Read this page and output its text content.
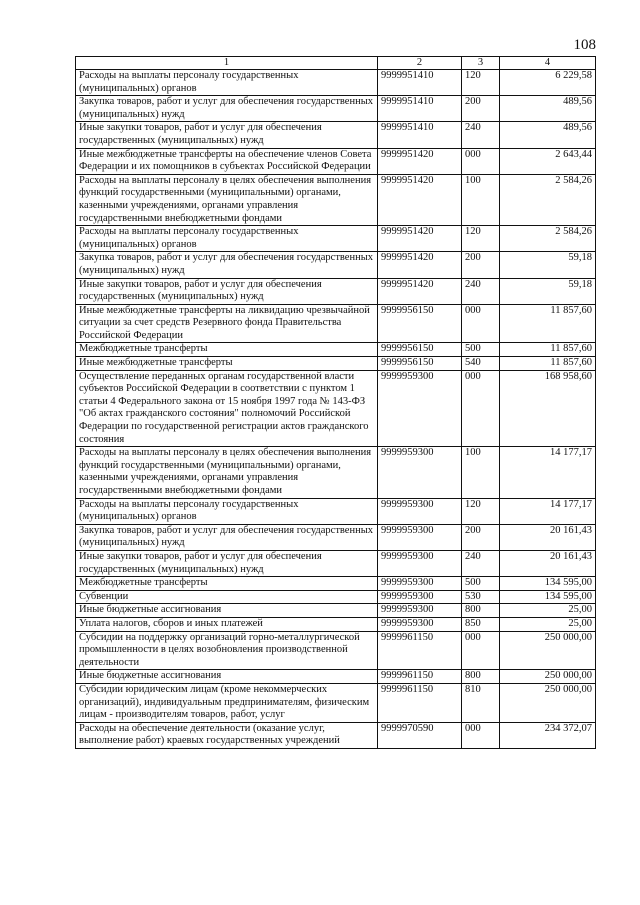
108
1	2	3	4
Расходы на выплаты персоналу государственных (муниципальных) органов	9999951410	120	6 229,58
Закупка товаров, работ и услуг для обеспечения государственных (муниципальных) нужд	9999951410	200	489,56
Иные закупки товаров, работ и услуг для обеспечения государственных (муниципальных) нужд	9999951410	240	489,56
Иные межбюджетные трансферты на обеспечение членов Совета Федерации и их помощников в субъектах Российской Федерации	9999951420	000	2 643,44
Расходы на выплаты персоналу в целях обеспечения выполнения функций государственными (муниципальными) органами, казенными учреждениями, органами управления государственными внебюджетными фондами	9999951420	100	2 584,26
Расходы на выплаты персоналу государственных (муниципальных) органов	9999951420	120	2 584,26
Закупка товаров, работ и услуг для обеспечения государственных (муниципальных) нужд	9999951420	200	59,18
Иные закупки товаров, работ и услуг для обеспечения государственных (муниципальных) нужд	9999951420	240	59,18
Иные межбюджетные трансферты на ликвидацию чрезвычайной ситуации за счет средств Резервного фонда Правительства Российской Федерации	9999956150	000	11 857,60
Межбюджетные трансферты	9999956150	500	11 857,60
Иные межбюджетные трансферты	9999956150	540	11 857,60
Осуществление переданных органам государственной власти субъектов Российской Федерации в соответствии с пунктом 1 статьи 4 Федерального закона от 15 ноября 1997 года № 143-ФЗ "Об актах гражданского состояния" полномочий Российской Федерации по государственной регистрации актов гражданского состояния	9999959300	000	168 958,60
Расходы на выплаты персоналу в целях обеспечения выполнения функций государственными (муниципальными) органами, казенными учреждениями, органами управления государственными внебюджетными фондами	9999959300	100	14 177,17
Расходы на выплаты персоналу государственных (муниципальных) органов	9999959300	120	14 177,17
Закупка товаров, работ и услуг для обеспечения государственных (муниципальных) нужд	9999959300	200	20 161,43
Иные закупки товаров, работ и услуг для обеспечения государственных (муниципальных) нужд	9999959300	240	20 161,43
Межбюджетные трансферты	9999959300	500	134 595,00
Субвенции	9999959300	530	134 595,00
Иные бюджетные ассигнования	9999959300	800	25,00
Уплата налогов, сборов и иных платежей	9999959300	850	25,00
Субсидии на поддержку организаций горно-металлургической промышленности в целях возобновления производственной деятельности	9999961150	000	250 000,00
Иные бюджетные ассигнования	9999961150	800	250 000,00
Субсидии юридическим лицам (кроме некоммерческих организаций), индивидуальным предпринимателям, физическим лицам - производителям товаров, работ, услуг	9999961150	810	250 000,00
Расходы на обеспечение деятельности (оказание услуг, выполнение работ) краевых государственных учреждений	9999970590	000	234 372,07
